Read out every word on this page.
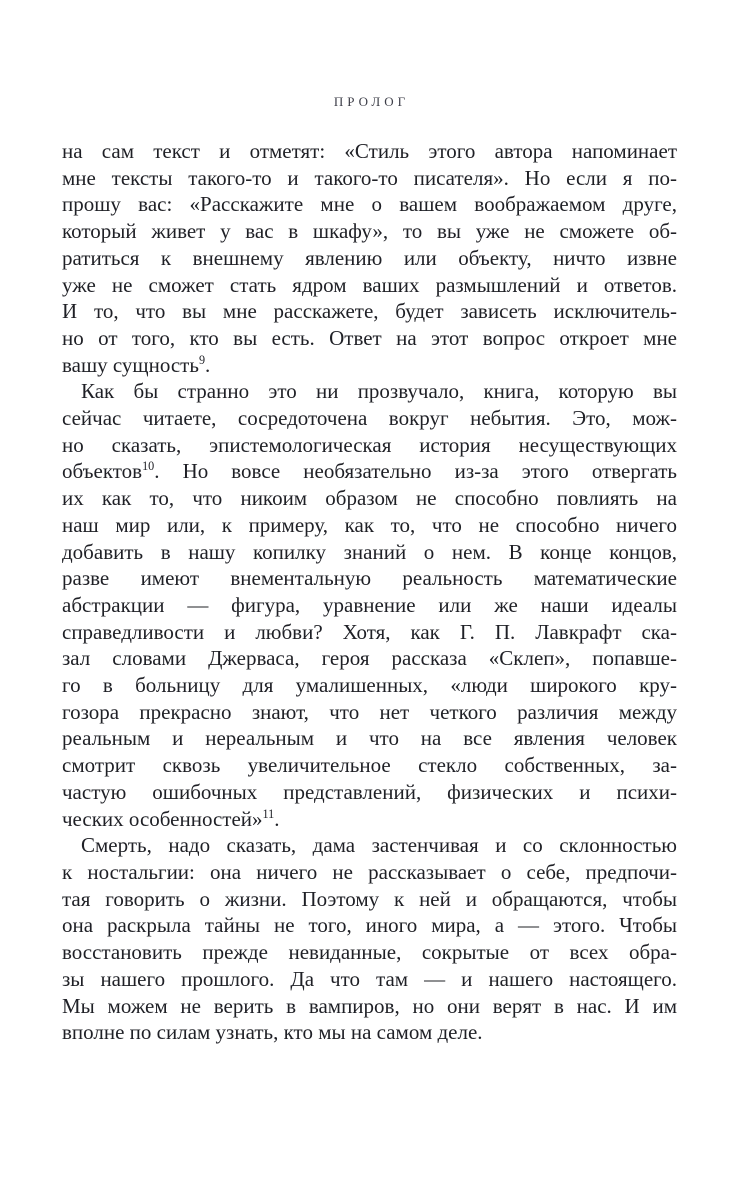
ПРОЛОГ
на сам текст и отметят: «Стиль этого автора напоминает
мне тексты такого-то и такого-то писателя». Но если я по-
прошу вас: «Расскажите мне о вашем воображаемом друге,
который живет у вас в шкафу», то вы уже не сможете об-
ратиться к внешнему явлению или объекту, ничто извне
уже не сможет стать ядром ваших размышлений и ответов.
И то, что вы мне расскажете, будет зависеть исключитель-
но от того, кто вы есть. Ответ на этот вопрос откроет мне
вашу сущность$^9$.
Как бы странно это ни прозвучало, книга, которую вы
сейчас читаете, сосредоточена вокруг небытия. Это, мож-
но сказать, эпистемологическая история несуществующих
объектов$^{10}$. Но вовсе необязательно из-за этого отвергать
их как то, что никоим образом не способно повлиять на
наш мир или, к примеру, как то, что не способно ничего
добавить в нашу копилку знаний о нем. В конце концов,
разве имеют внементальную реальность математические
абстракции — фигура, уравнение или же наши идеалы
справедливости и любви? Хотя, как Г. П. Лавкрафт ска-
зал словами Джерваса, героя рассказа «Склеп», попавше-
го в больницу для умалишенных, «люди широкого кру-
гозора прекрасно знают, что нет четкого различия между
реальным и нереальным и что на все явления человек
смотрит сквозь увеличительное стекло собственных, за-
частую ошибочных представлений, физических и психи-
ческих особенностей»$^{11}$.
Смерть, надо сказать, дама застенчивая и со склонностью
к ностальгии: она ничего не рассказывает о себе, предпочи-
тая говорить о жизни. Поэтому к ней и обращаются, чтобы
она раскрыла тайны не того, иного мира, а — этого. Чтобы
восстановить прежде невиданные, сокрытые от всех обра-
зы нашего прошлого. Да что там — и нашего настоящего.
Мы можем не верить в вампиров, но они верят в нас. И им
вполне по силам узнать, кто мы на самом деле.
